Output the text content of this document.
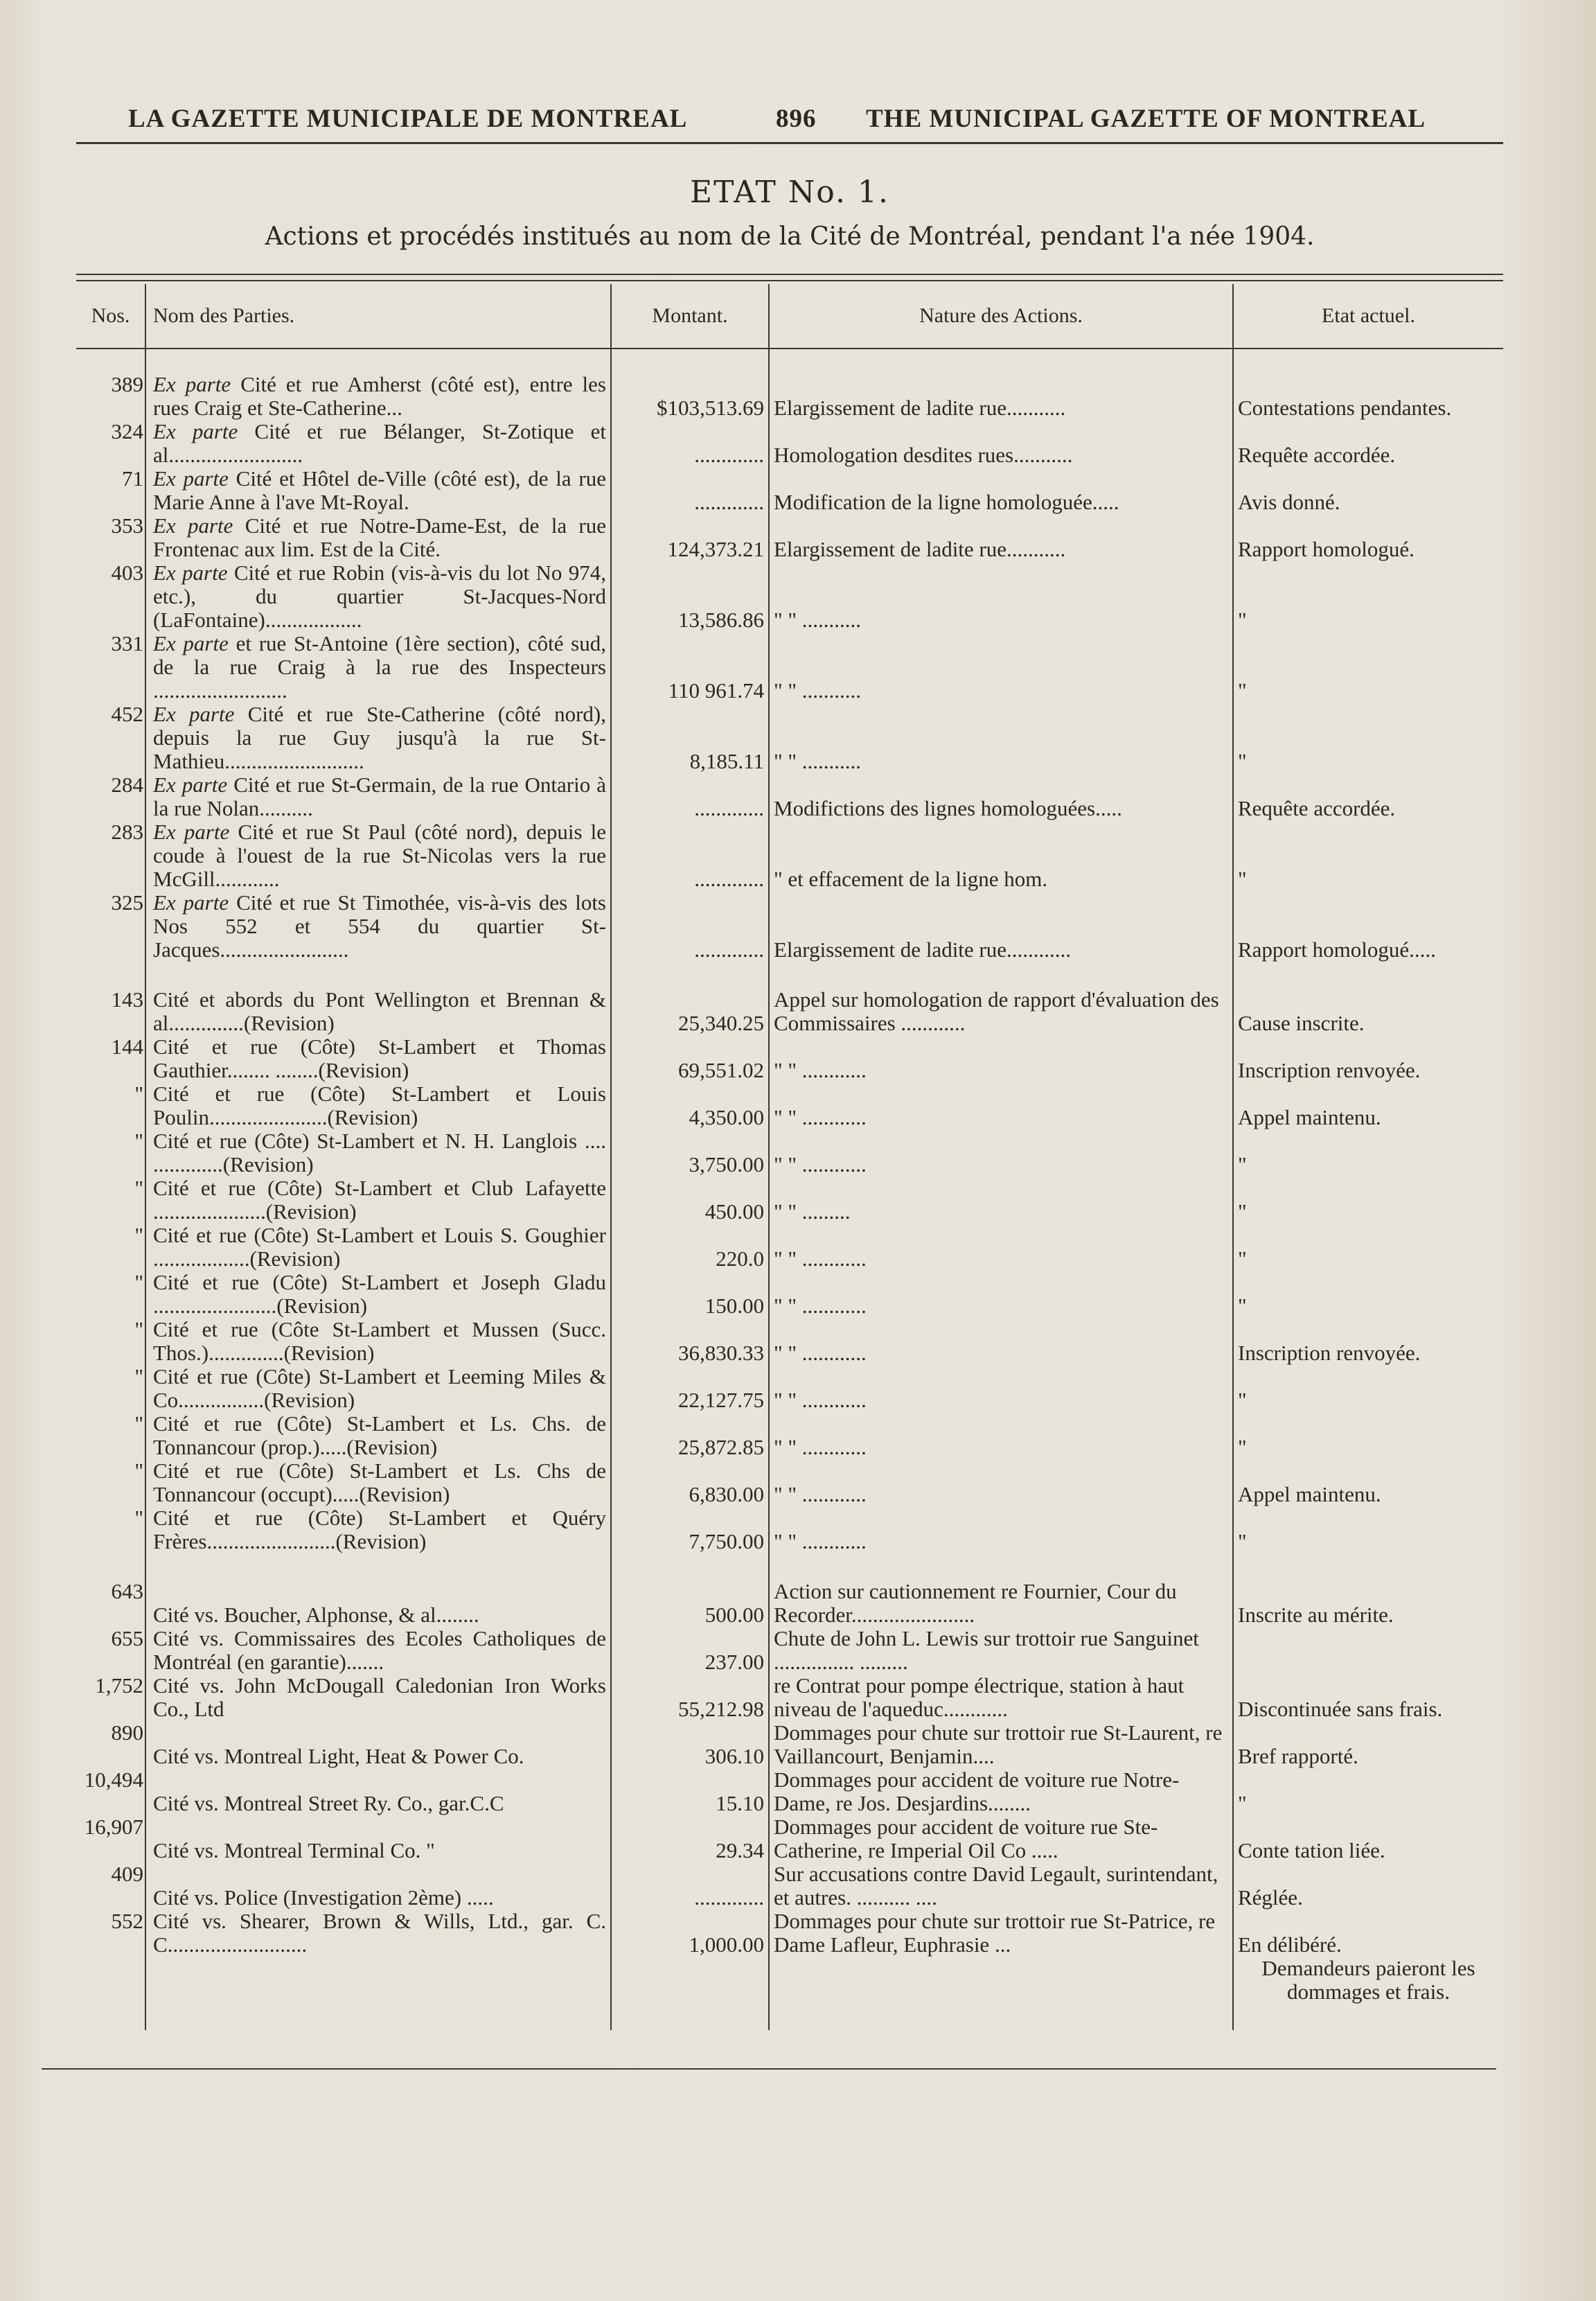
LA GAZETTE MUNICIPALE DE MONTREAL	896 THE MUNICIPAL GAZETTE OF MONTREAL
ETAT No. 1.
Actions et procédés institués au nom de la Cité de Montréal, pendant l'a née 1904.
Nos.	Nom des Parties.	Montant.	Nature des Actions.	Etat actuel.

389	Ex parte Cité et rue Amherst (côté est), entre les rues Craig et Ste-Catherine...	$103,513.69	Elargissement de ladite rue...........	Contestations pendantes.
324	Ex parte Cité et rue Bélanger, St-Zotique et al.........................	.............	Homologation desdites rues...........	Requête accordée.
71	Ex parte Cité et Hôtel de-Ville (côté est), de la rue Marie Anne à l'ave Mt-Royal.	.............	Modification de la ligne homologuée.....	Avis donné.
353	Ex parte Cité et rue Notre-Dame-Est, de la rue Frontenac aux lim. Est de la Cité.	124,373.21	Elargissement de ladite rue...........	Rapport homologué.
403	Ex parte Cité et rue Robin (vis-à-vis du lot No 974, etc.), du quartier St-Jacques-Nord (LaFontaine)..................	13,586.86	" " ...........	"
331	Ex parte et rue St-Antoine (1ère section), côté sud, de la rue Craig à la rue des Inspecteurs .........................	110 961.74	" " ...........	"
452	Ex parte Cité et rue Ste-Catherine (côté nord), depuis la rue Guy jusqu'à la rue St-Mathieu..........................	8,185.11	" " ...........	"
284	Ex parte Cité et rue St-Germain, de la rue Ontario à la rue Nolan..........	.............	Modifictions des lignes homologuées.....	Requête accordée.
283	Ex parte Cité et rue St Paul (côté nord), depuis le coude à l'ouest de la rue St-Nicolas vers la rue McGill............	.............	" et effacement de la ligne hom.	"
325	Ex parte Cité et rue St Timothée, vis-à-vis des lots Nos 552 et 554 du quartier St-Jacques........................	.............	Elargissement de ladite rue............	Rapport homologué.....

143	Cité et abords du Pont Wellington et Brennan & al..............(Revision)	25,340.25	Appel sur homologation de rapport d'évaluation des Commissaires ............	Cause inscrite.
144	Cité et rue (Côte) St-Lambert et Thomas Gauthier........ ........(Revision)	69,551.02	" " ............	Inscription renvoyée.
"	Cité et rue (Côte) St-Lambert et Louis Poulin......................(Revision)	4,350.00	" " ............	Appel maintenu.
"	Cité et rue (Côte) St-Lambert et N. H. Langlois .... .............(Revision)	3,750.00	" " ............	"
"	Cité et rue (Côte) St-Lambert et Club Lafayette .....................(Revision)	450.00	" " .........	"
"	Cité et rue (Côte) St-Lambert et Louis S. Goughier ..................(Revision)	220.0	" " ............	"
"	Cité et rue (Côte) St-Lambert et Joseph Gladu .......................(Revision)	150.00	" " ............	"
"	Cité et rue (Côte St-Lambert et Mussen (Succ. Thos.)..............(Revision)	36,830.33	" " ............	Inscription renvoyée.
"	Cité et rue (Côte) St-Lambert et Leeming Miles & Co................(Revision)	22,127.75	" " ............	"
"	Cité et rue (Côte) St-Lambert et Ls. Chs. de Tonnancour (prop.).....(Revision)	25,872.85	" " ............	"
"	Cité et rue (Côte) St-Lambert et Ls. Chs de Tonnancour (occupt).....(Revision)	6,830.00	" " ............	Appel maintenu.
"	Cité et rue (Côte) St-Lambert et Quéry Frères........................(Revision)	7,750.00	" " ............	"

643	Cité vs. Boucher, Alphonse, & al........	500.00	Action sur cautionnement re Fournier, Cour du Recorder.......................	Inscrite au mérite.
655	Cité vs. Commissaires des Ecoles Catholiques de Montréal (en garantie).......	237.00	Chute de John L. Lewis sur trottoir rue Sanguinet ............... .........	
1,752	Cité vs. John McDougall Caledonian Iron Works Co., Ltd	55,212.98	re Contrat pour pompe électrique, station à haut niveau de l'aqueduc............	Discontinuée sans frais.
890	Cité vs. Montreal Light, Heat & Power Co.	306.10	Dommages pour chute sur trottoir rue St-Laurent, re Vaillancourt, Benjamin....	Bref rapporté.
10,494	Cité vs. Montreal Street Ry. Co., gar.C.C	15.10	Dommages pour accident de voiture rue Notre-Dame, re Jos. Desjardins........	"
16,907	Cité vs. Montreal Terminal Co. "	29.34	Dommages pour accident de voiture rue Ste-Catherine, re Imperial Oil Co .....	Conte tation liée.
409	Cité vs. Police (Investigation 2ème) .....	.............	Sur accusations contre David Legault, surintendant, et autres. .......... ....	Réglée.
552	Cité vs. Shearer, Brown & Wills, Ltd., gar. C. C..........................	1,000.00	Dommages pour chute sur trottoir rue St-Patrice, re Dame Lafleur, Euphrasie ...	En délibéré.
				Demandeurs paieront les dommages et frais.
